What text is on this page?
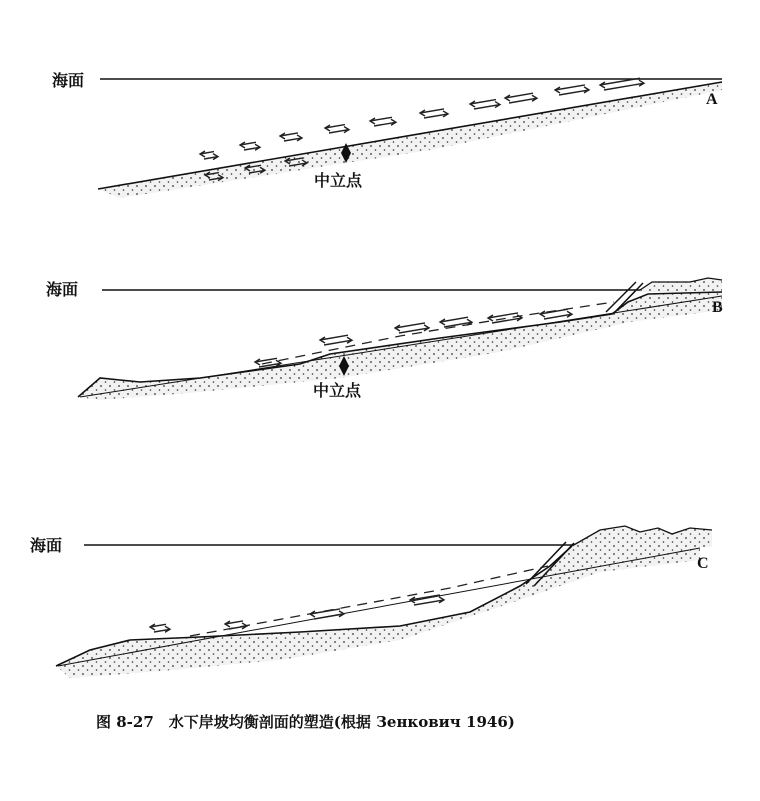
海面
中立点
A
海面
中立点
B
海面
C
图 8-27　水下岸坡均衡剖面的塑造(根据 Зенкович 1946)
